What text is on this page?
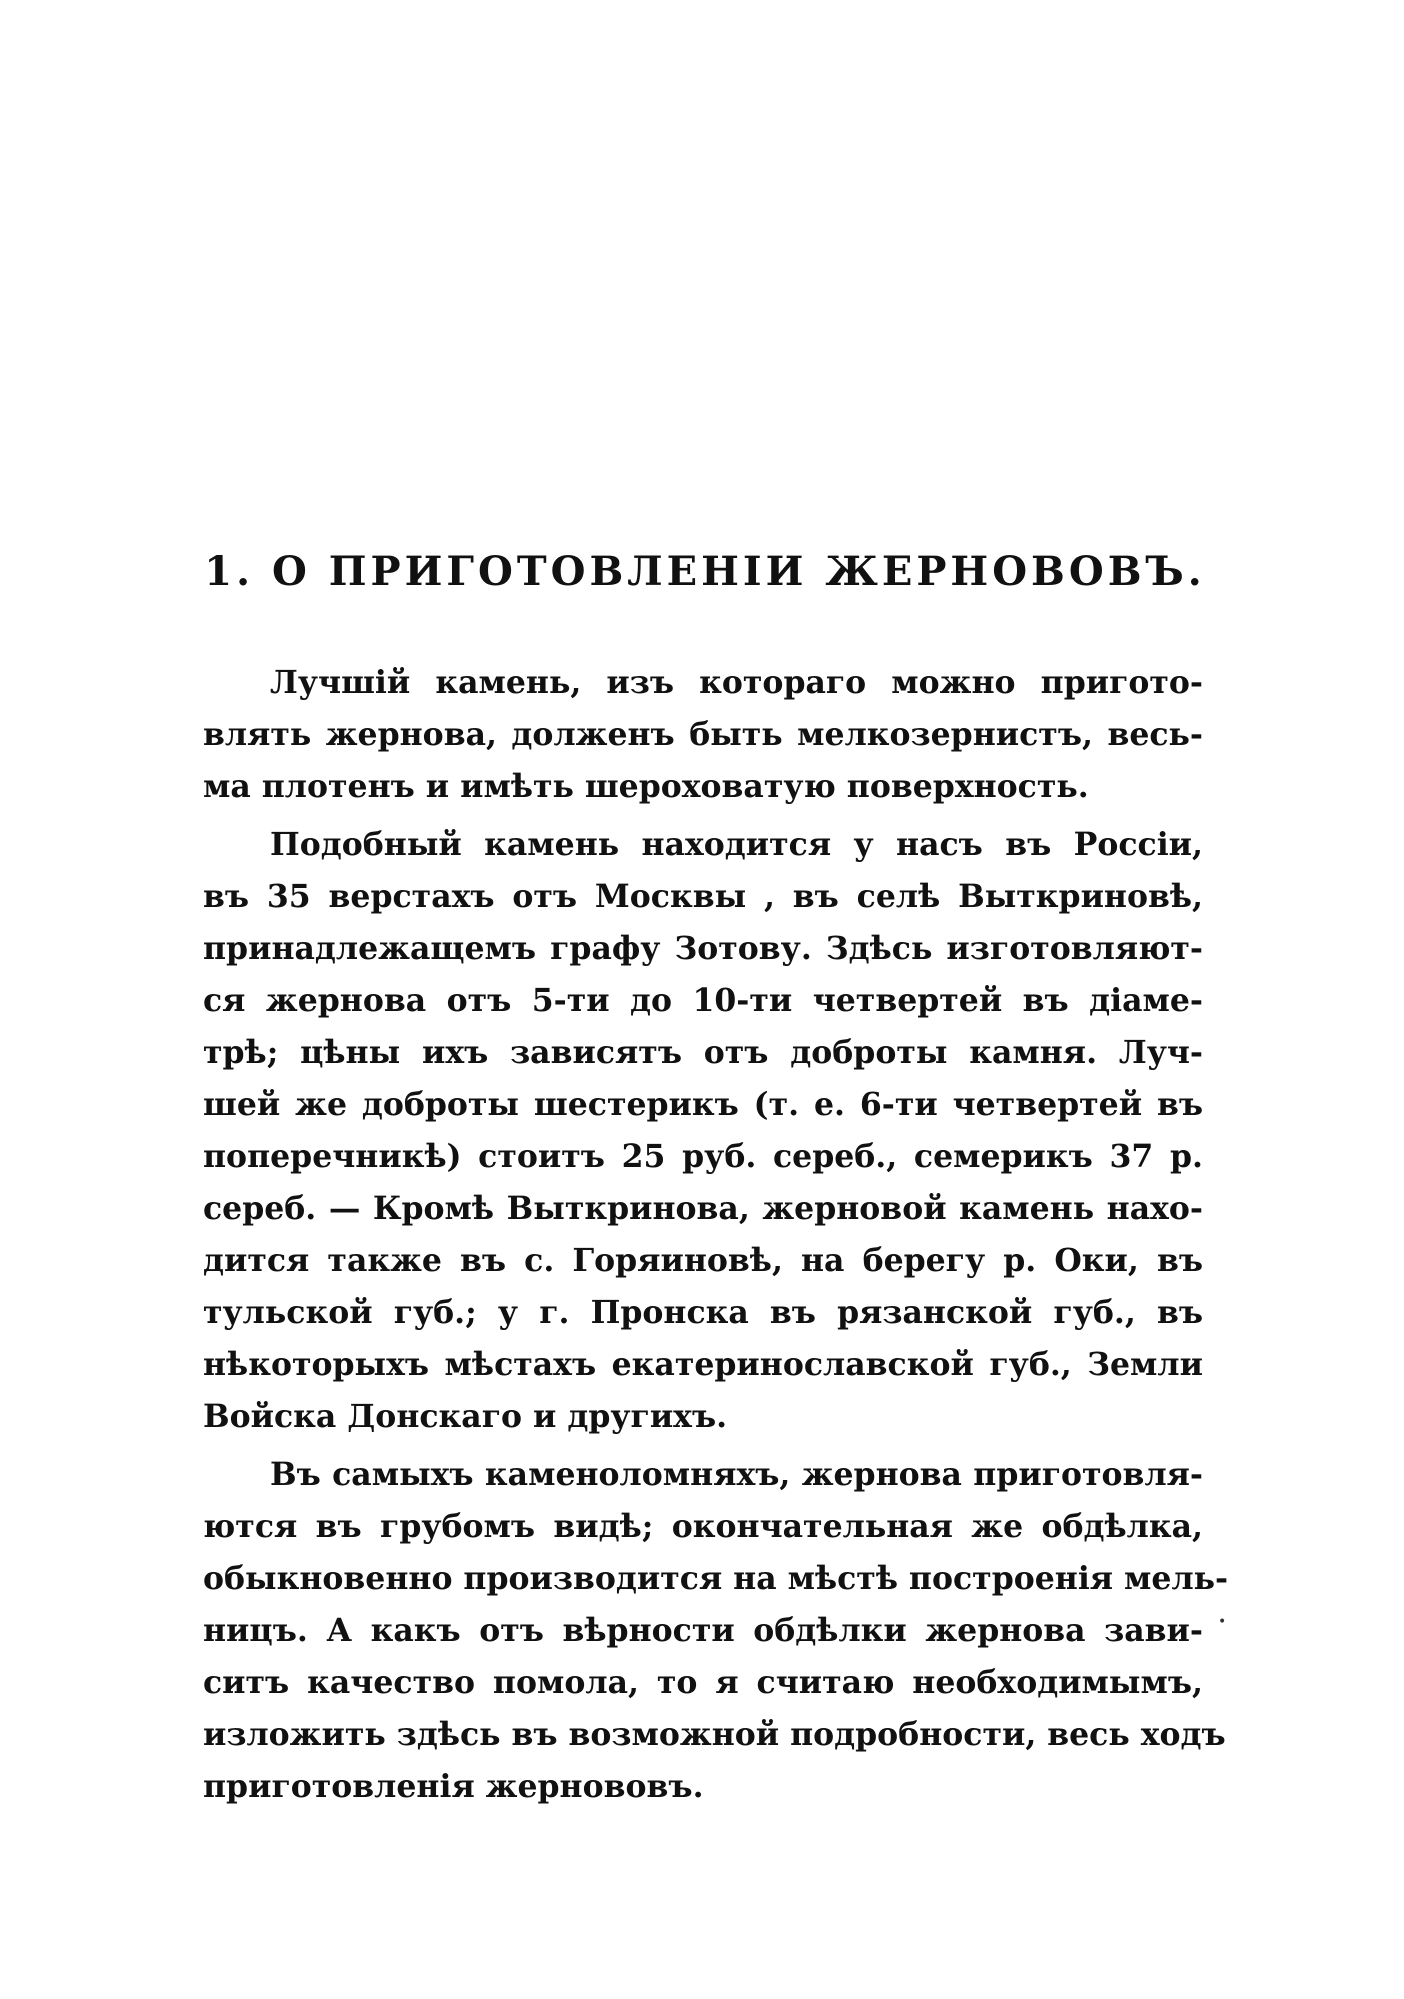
1. О ПРИГОТОВЛЕНІИ ЖЕРНОВОВЪ.
Лучшій камень, изъ котораго можно пригото-
влять жернова, долженъ быть мелкозернистъ, весь-
ма плотенъ и имѣть шероховатую поверхность.
Подобный камень находится у насъ въ Россіи,
въ 35 верстахъ отъ Москвы , въ селѣ Выткриновѣ,
принадлежащемъ графу Зотову. Здѣсь изготовляют-
ся жернова отъ 5-ти до 10-ти четвертей въ діаме-
трѣ; цѣны ихъ зависятъ отъ доброты камня. Луч-
шей же доброты шестерикъ (т. е. 6-ти четвертей въ
поперечникѣ) стоитъ 25 руб. сереб., семерикъ 37 р.
сереб. — Кромѣ Выткринова, жерновой камень нахо-
дится также въ с. Горяиновѣ, на берегу р. Оки, въ
тульской губ.; у г. Пронска въ рязанской губ., въ
нѣкоторыхъ мѣстахъ екатеринославской губ., Земли
Войска Донскаго и другихъ.
Въ самыхъ каменоломняхъ, жернова приготовля-
ются въ грубомъ видѣ; окончательная же обдѣлка,
обыкновенно производится на мѣстѣ построенія мель-
ницъ. А какъ отъ вѣрности обдѣлки жернова зави-
ситъ качество помола, то я считаю необходимымъ,
изложить здѣсь въ возможной подробности, весь ходъ
приготовленія жернововъ.
•
